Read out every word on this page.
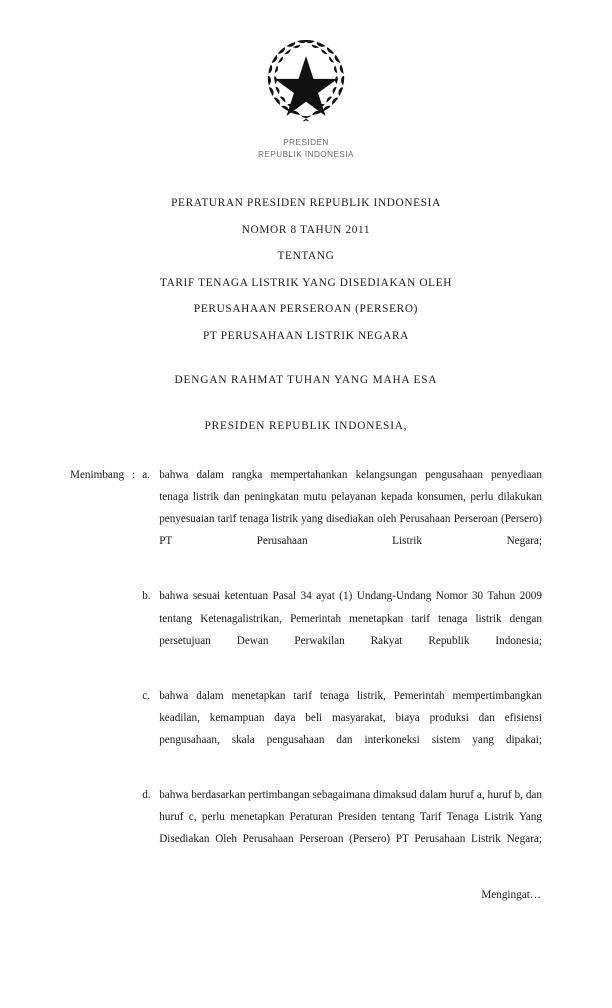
PRESIDEN
REPUBLIK INDONESIA
PERATURAN PRESIDEN REPUBLIK INDONESIA
NOMOR 8 TAHUN 2011
TENTANG
TARIF TENAGA LISTRIK YANG DISEDIAKAN OLEH
PERUSAHAAN PERSEROAN (PERSERO)
PT PERUSAHAAN LISTRIK NEGARA
DENGAN RAHMAT TUHAN YANG MAHA ESA
PRESIDEN REPUBLIK INDONESIA,
Menimbang : a. bahwa dalam rangka mempertahankan kelangsungan pengusahaan penyediaan tenaga listrik dan peningkatan mutu pelayanan kepada konsumen, perlu dilakukan penyesuaian tarif tenaga listrik yang disediakan oleh Perusahaan Perseroan (Persero) PT Perusahaan Listrik Negara;
b. bahwa sesuai ketentuan Pasal 34 ayat (1) Undang-Undang Nomor 30 Tahun 2009 tentang Ketenagalistrikan, Pemerintah menetapkan tarif tenaga listrik dengan persetujuan Dewan Perwakilan Rakyat Republik Indonesia;
c. bahwa dalam menetapkan tarif tenaga listrik, Pemerintah mempertimbangkan keadilan, kemampuan daya beli masyarakat, biaya produksi dan efisiensi pengusahaan, skala pengusahaan dan interkoneksi sistem yang dipakai;
d. bahwa berdasarkan pertimbangan sebagaimana dimaksud dalam huruf a, huruf b, dan huruf c, perlu menetapkan Peraturan Presiden tentang Tarif Tenaga Listrik Yang Disediakan Oleh Perusahaan Perseroan (Persero) PT Perusahaan Listrik Negara;
Mengingat…
